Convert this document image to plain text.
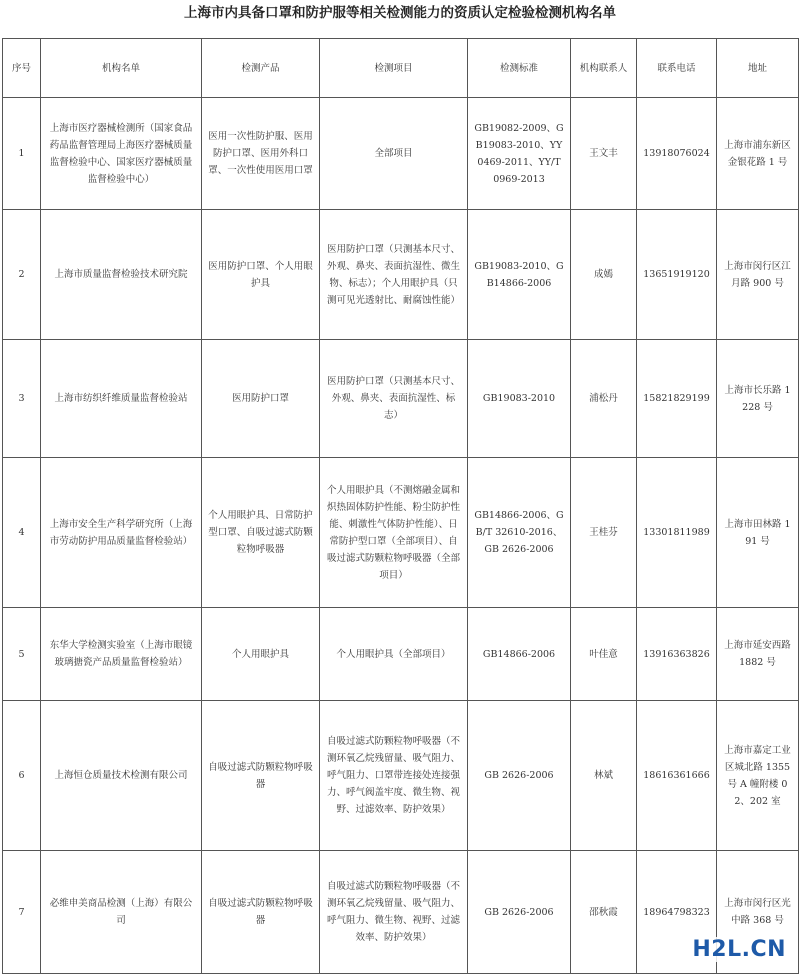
上海市内具备口罩和防护服等相关检测能力的资质认定检验检测机构名单
序号	机构名单	检测产品	检测项目	检测标准	机构联系人	联系电话	地址
1	上海市医疗器械检测所（国家食品药品监督管理局上海医疗器械质量监督检验中心、国家医疗器械质量监督检验中心）	医用一次性防护服、医用防护口罩、医用外科口罩、一次性使用医用口罩	全部项目	GB19082-2009、GB19083-2010、YY0469-2011、YY/T 0969-2013	王文丰	13918076024	上海市浦东新区金银花路 1 号
2	上海市质量监督检验技术研究院	医用防护口罩、个人用眼护具	医用防护口罩（只测基本尺寸、外观、鼻夹、表面抗湿性、微生物、标志）；个人用眼护具（只测可见光透射比、耐腐蚀性能）	GB19083-2010、GB14866-2006	成嫣	13651919120	上海市闵行区江月路 900 号
3	上海市纺织纤维质量监督检验站	医用防护口罩	医用防护口罩（只测基本尺寸、外观、鼻夹、表面抗湿性、标志）	GB19083-2010	浦松丹	15821829199	上海市长乐路 1228 号
4	上海市安全生产科学研究所（上海市劳动防护用品质量监督检验站）	个人用眼护具、日常防护型口罩、自吸过滤式防颗粒物呼吸器	个人用眼护具（不测熔融金属和炽热固体防护性能、粉尘防护性能、刺激性气体防护性能）、日常防护型口罩（全部项目）、自吸过滤式防颗粒物呼吸器（全部项目）	GB14866-2006、GB/T 32610-2016、GB 2626-2006	王桂芬	13301811989	上海市田林路 191 号
5	东华大学检测实验室（上海市眼镜玻璃搪瓷产品质量监督检验站）	个人用眼护具	个人用眼护具（全部项目）	GB14866-2006	叶佳意	13916363826	上海市延安西路 1882 号
6	上海恒仓质量技术检测有限公司	自吸过滤式防颗粒物呼吸器	自吸过滤式防颗粒物呼吸器（不测环氧乙烷残留量、吸气阻力、呼气阻力、口罩带连接处连接强力、呼气阀盖牢度、微生物、视野、过滤效率、防护效果）	GB 2626-2006	林斌	18616361666	上海市嘉定工业区城北路 1355 号 A 幢附楼 02、202 室
7	必维申美商品检测（上海）有限公司	自吸过滤式防颗粒物呼吸器	自吸过滤式防颗粒物呼吸器（不测环氧乙烷残留量、吸气阻力、呼气阻力、微生物、视野、过滤效率、防护效果）	GB 2626-2006	邵秋霞	18964798323	上海市闵行区光中路 368 号
H2L.CN
